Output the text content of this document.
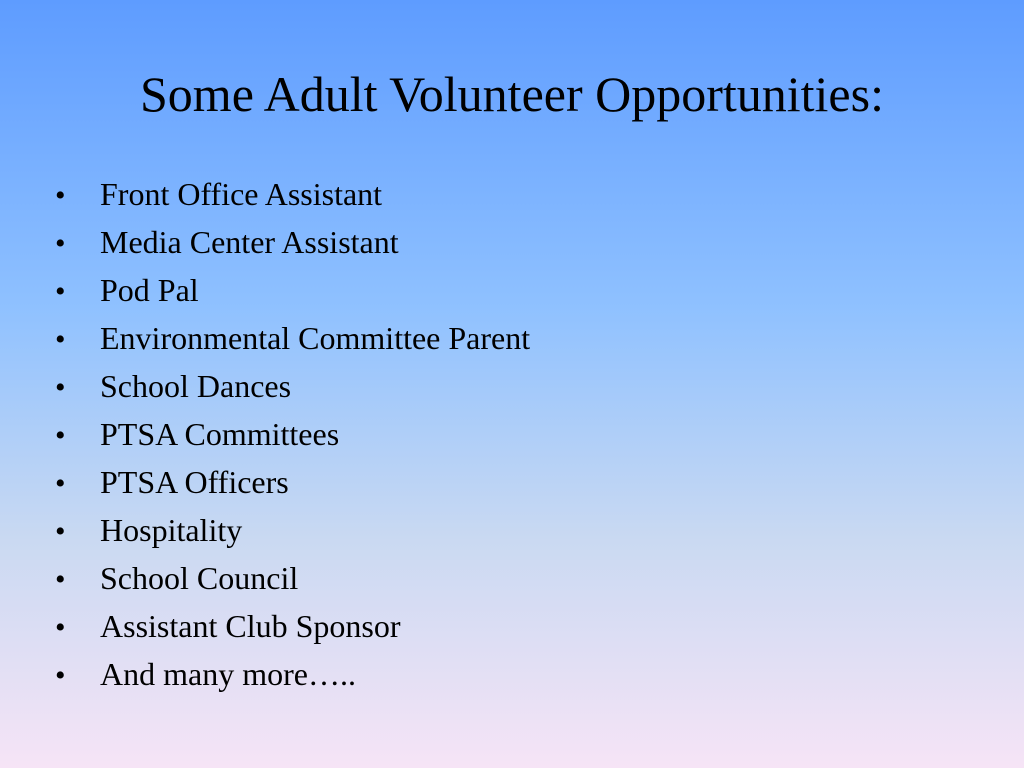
Some Adult Volunteer Opportunities:
•	Front Office Assistant
•	Media Center Assistant
•	Pod Pal
•	Environmental Committee Parent
•	School Dances
•	PTSA Committees
•	PTSA Officers
•	Hospitality
•	School Council
•	Assistant Club Sponsor
•	And many more…..
